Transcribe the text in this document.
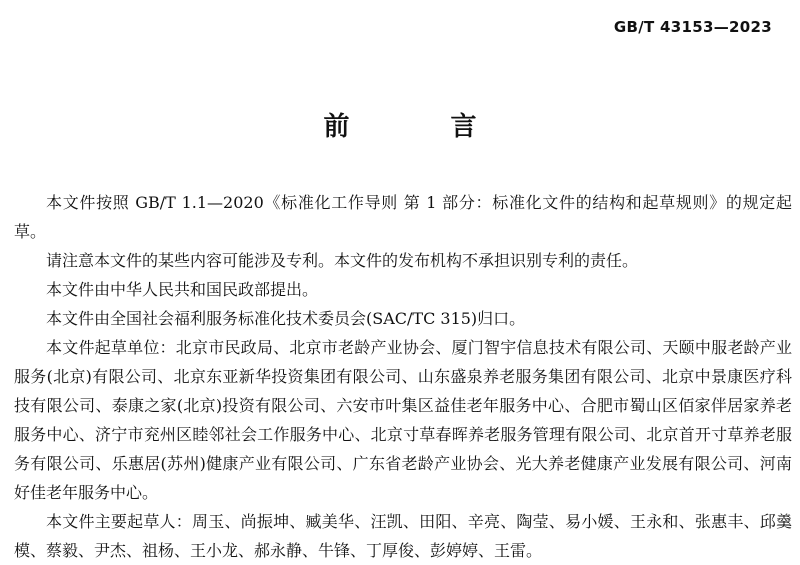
GB/T 43153—2023
前 言

本文件按照 GB/T 1.1—2020《标准化工作导则 第 1 部分：标准化文件的结构和起草规则》的规定起草。

请注意本文件的某些内容可能涉及专利。本文件的发布机构不承担识别专利的责任。

本文件由中华人民共和国民政部提出。

本文件由全国社会福利服务标准化技术委员会(SAC/TC 315)归口。

本文件起草单位：北京市民政局、北京市老龄产业协会、厦门智宇信息技术有限公司、天颐中服老龄产业服务(北京)有限公司、北京东亚新华投资集团有限公司、山东盛泉养老服务集团有限公司、北京中景康医疗科技有限公司、泰康之家(北京)投资有限公司、六安市叶集区益佳老年服务中心、合肥市蜀山区佰家伴居家养老服务中心、济宁市兖州区睦邻社会工作服务中心、北京寸草春晖养老服务管理有限公司、北京首开寸草养老服务有限公司、乐惠居(苏州)健康产业有限公司、广东省老龄产业协会、光大养老健康产业发展有限公司、河南好佳老年服务中心。

本文件主要起草人：周玉、尚振坤、臧美华、汪凯、田阳、辛亮、陶莹、易小媛、王永和、张惠丰、邱羹模、蔡毅、尹杰、祖杨、王小龙、郝永静、牛锋、丁厚俊、彭婷婷、王雷。
